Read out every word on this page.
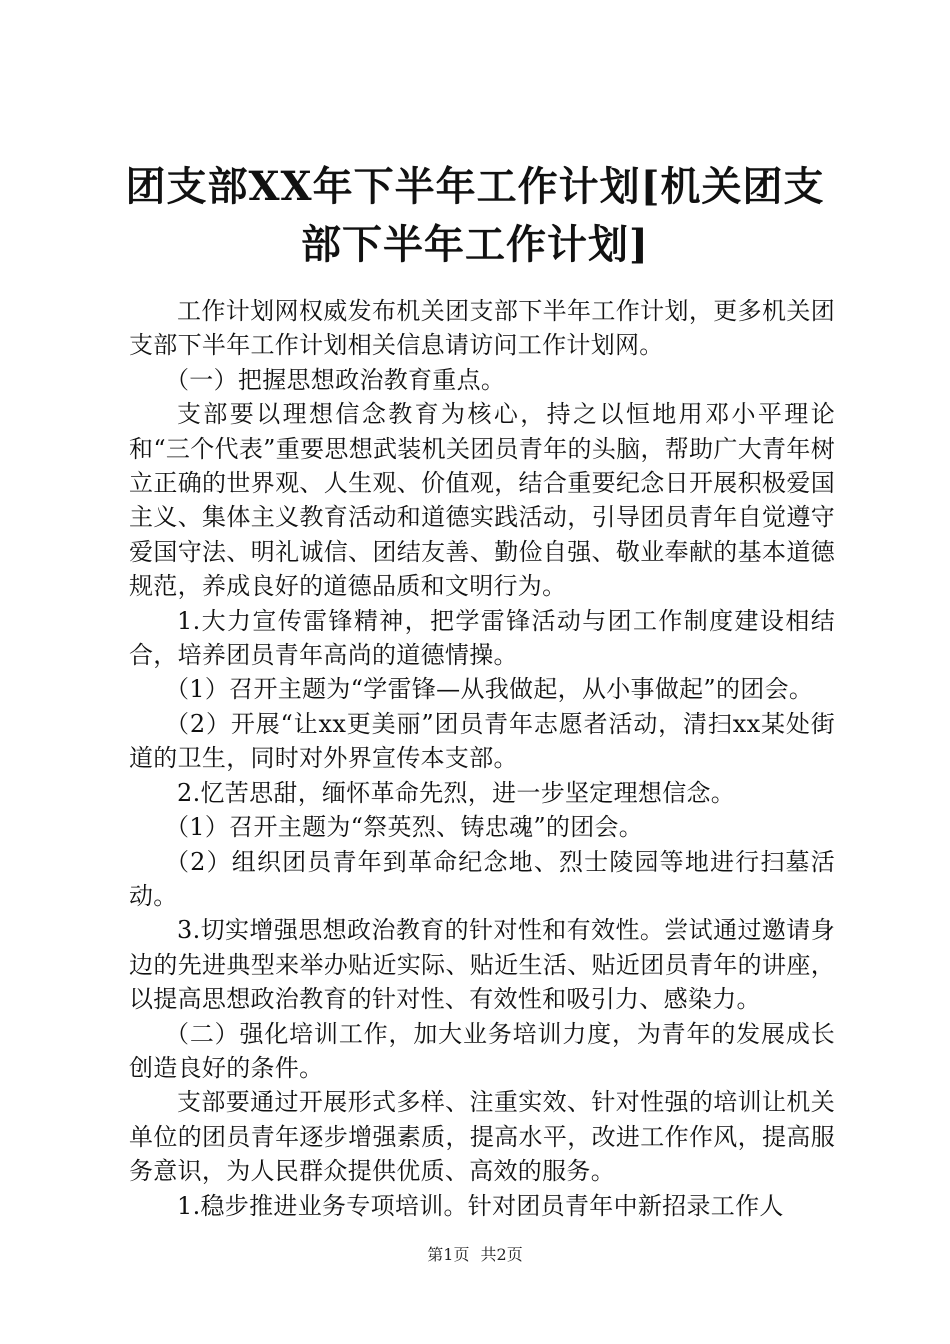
团支部XX年下半年工作计划[机关团支部下半年工作计划]

工作计划网权威发布机关团支部下半年工作计划，更多机关团支部下半年工作计划相关信息请访问工作计划网。

（一）把握思想政治教育重点。

支部要以理想信念教育为核心，持之以恒地用邓小平理论和“三个代表”重要思想武装机关团员青年的头脑，帮助广大青年树立正确的世界观、人生观、价值观，结合重要纪念日开展积极爱国主义、集体主义教育活动和道德实践活动，引导团员青年自觉遵守爱国守法、明礼诚信、团结友善、勤俭自强、敬业奉献的基本道德规范，养成良好的道德品质和文明行为。

1.大力宣传雷锋精神，把学雷锋活动与团工作制度建设相结合，培养团员青年高尚的道德情操。

（1）召开主题为“学雷锋—从我做起，从小事做起”的团会。

（2）开展“让xx更美丽”团员青年志愿者活动，清扫xx某处街道的卫生，同时对外界宣传本支部。

2.忆苦思甜，缅怀革命先烈，进一步坚定理想信念。

（1）召开主题为“祭英烈、铸忠魂”的团会。

（2）组织团员青年到革命纪念地、烈士陵园等地进行扫墓活动。

3.切实增强思想政治教育的针对性和有效性。尝试通过邀请身边的先进典型来举办贴近实际、贴近生活、贴近团员青年的讲座，以提高思想政治教育的针对性、有效性和吸引力、感染力。

（二）强化培训工作，加大业务培训力度，为青年的发展成长创造良好的条件。

支部要通过开展形式多样、注重实效、针对性强的培训让机关单位的团员青年逐步增强素质，提高水平，改进工作作风，提高服务意识，为人民群众提供优质、高效的服务。

1.稳步推进业务专项培训。针对团员青年中新招录工作人

第1页 共2页
